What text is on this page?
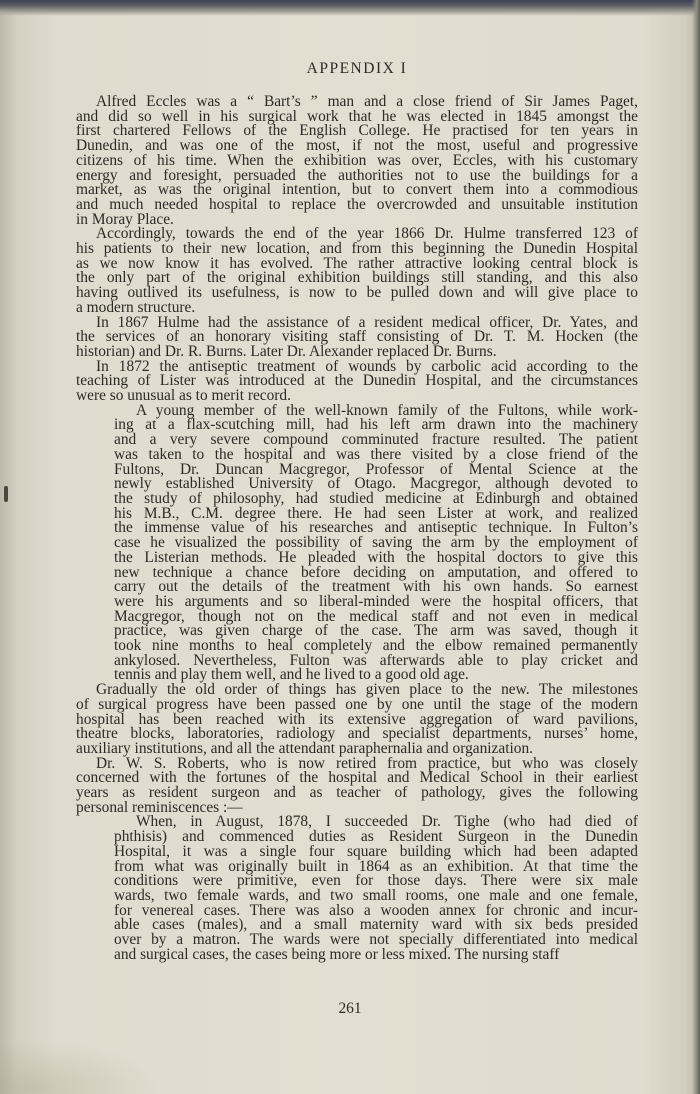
APPENDIX I
Alfred Eccles was a “ Bart’s ” man and a close friend of Sir James Paget,
and did so well in his surgical work that he was elected in 1845 amongst the
first chartered Fellows of the English College. He practised for ten years in
Dunedin, and was one of the most, if not the most, useful and progressive
citizens of his time. When the exhibition was over, Eccles, with his customary
energy and foresight, persuaded the authorities not to use the buildings for a
market, as was the original intention, but to convert them into a commodious
and much needed hospital to replace the overcrowded and unsuitable institution
in Moray Place.
Accordingly, towards the end of the year 1866 Dr. Hulme transferred 123 of
his patients to their new location, and from this beginning the Dunedin Hospital
as we now know it has evolved. The rather attractive looking central block is
the only part of the original exhibition buildings still standing, and this also
having outlived its usefulness, is now to be pulled down and will give place to
a modern structure.
In 1867 Hulme had the assistance of a resident medical officer, Dr. Yates, and
the services of an honorary visiting staff consisting of Dr. T. M. Hocken (the
historian) and Dr. R. Burns. Later Dr. Alexander replaced Dr. Burns.
In 1872 the antiseptic treatment of wounds by carbolic acid according to the
teaching of Lister was introduced at the Dunedin Hospital, and the circumstances
were so unusual as to merit record.
A young member of the well-known family of the Fultons, while work-
ing at a flax-scutching mill, had his left arm drawn into the machinery
and a very severe compound comminuted fracture resulted. The patient
was taken to the hospital and was there visited by a close friend of the
Fultons, Dr. Duncan Macgregor, Professor of Mental Science at the
newly established University of Otago. Macgregor, although devoted to
the study of philosophy, had studied medicine at Edinburgh and obtained
his M.B., C.M. degree there. He had seen Lister at work, and realized
the immense value of his researches and antiseptic technique. In Fulton’s
case he visualized the possibility of saving the arm by the employment of
the Listerian methods. He pleaded with the hospital doctors to give this
new technique a chance before deciding on amputation, and offered to
carry out the details of the treatment with his own hands. So earnest
were his arguments and so liberal-minded were the hospital officers, that
Macgregor, though not on the medical staff and not even in medical
practice, was given charge of the case. The arm was saved, though it
took nine months to heal completely and the elbow remained permanently
ankylosed. Nevertheless, Fulton was afterwards able to play cricket and
tennis and play them well, and he lived to a good old age.
Gradually the old order of things has given place to the new. The milestones
of surgical progress have been passed one by one until the stage of the modern
hospital has been reached with its extensive aggregation of ward pavilions,
theatre blocks, laboratories, radiology and specialist departments, nurses’ home,
auxiliary institutions, and all the attendant paraphernalia and organization.
Dr. W. S. Roberts, who is now retired from practice, but who was closely
concerned with the fortunes of the hospital and Medical School in their earliest
years as resident surgeon and as teacher of pathology, gives the following
personal reminiscences :—
When, in August, 1878, I succeeded Dr. Tighe (who had died of
phthisis) and commenced duties as Resident Surgeon in the Dunedin
Hospital, it was a single four square building which had been adapted
from what was originally built in 1864 as an exhibition. At that time the
conditions were primitive, even for those days. There were six male
wards, two female wards, and two small rooms, one male and one female,
for venereal cases. There was also a wooden annex for chronic and incur-
able cases (males), and a small maternity ward with six beds presided
over by a matron. The wards were not specially differentiated into medical
and surgical cases, the cases being more or less mixed. The nursing staff
261
